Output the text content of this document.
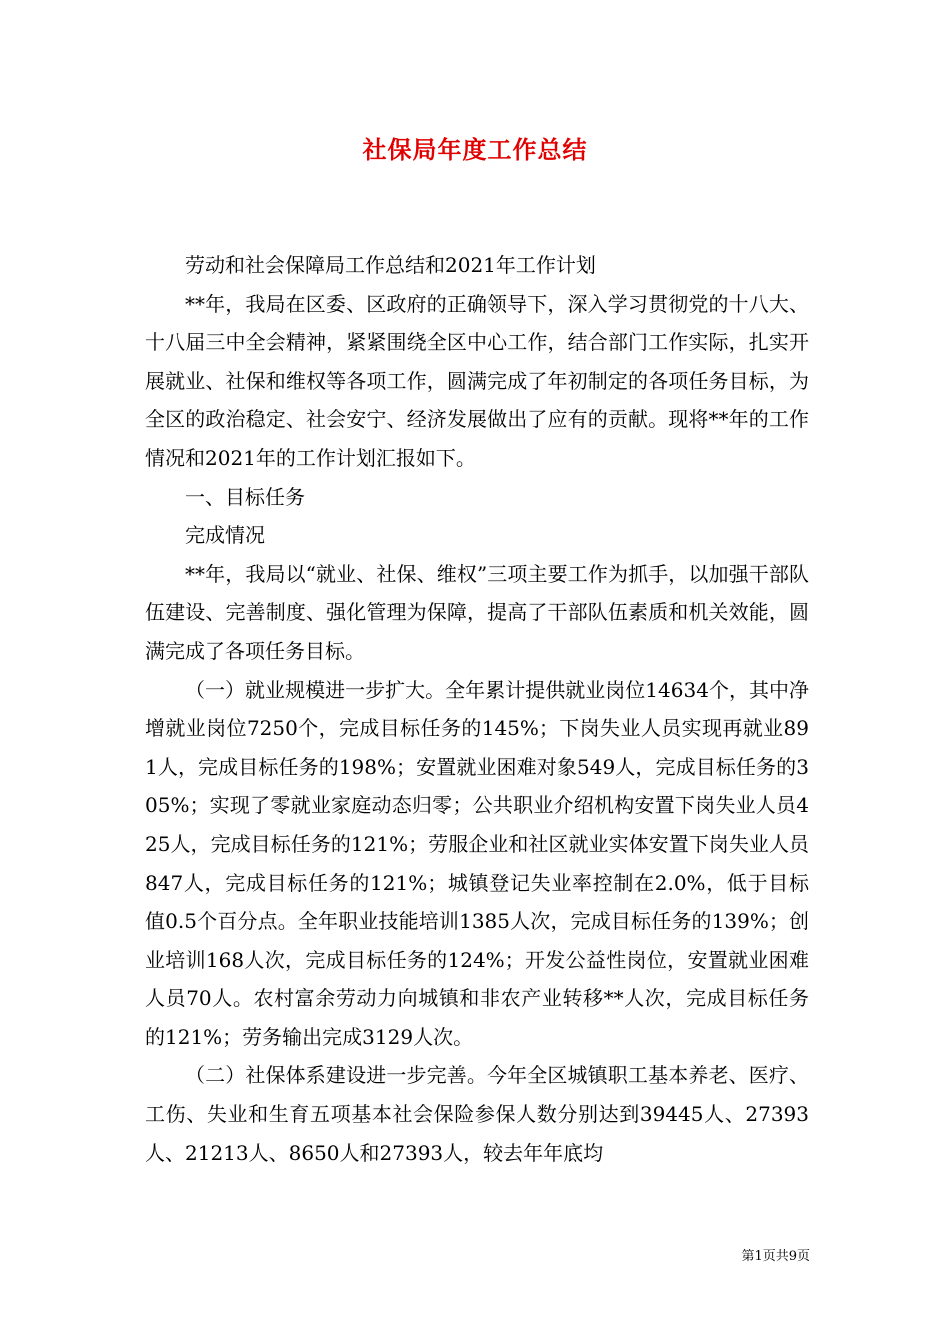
社保局年度工作总结

劳动和社会保障局工作总结和2021年工作计划

**年，我局在区委、区政府的正确领导下，深入学习贯彻党的十八大、十八届三中全会精神，紧紧围绕全区中心工作，结合部门工作实际，扎实开展就业、社保和维权等各项工作，圆满完成了年初制定的各项任务目标，为全区的政治稳定、社会安宁、经济发展做出了应有的贡献。现将**年的工作情况和2021年的工作计划汇报如下。

一、目标任务

完成情况

**年，我局以“就业、社保、维权”三项主要工作为抓手，以加强干部队伍建设、完善制度、强化管理为保障，提高了干部队伍素质和机关效能，圆满完成了各项任务目标。

（一）就业规模进一步扩大。全年累计提供就业岗位14634个，其中净增就业岗位7250个，完成目标任务的145%；下岗失业人员实现再就业891人，完成目标任务的198%；安置就业困难对象549人，完成目标任务的305%；实现了零就业家庭动态归零；公共职业介绍机构安置下岗失业人员425人，完成目标任务的121%；劳服企业和社区就业实体安置下岗失业人员847人，完成目标任务的121%；城镇登记失业率控制在2.0%，低于目标值0.5个百分点。全年职业技能培训1385人次，完成目标任务的139%；创业培训168人次，完成目标任务的124%；开发公益性岗位，安置就业困难人员70人。农村富余劳动力向城镇和非农产业转移**人次，完成目标任务的121%；劳务输出完成3129人次。

（二）社保体系建设进一步完善。今年全区城镇职工基本养老、医疗、工伤、失业和生育五项基本社会保险参保人数分别达到39445人、27393人、21213人、8650人和27393人，较去年年底均

第1页共9页
